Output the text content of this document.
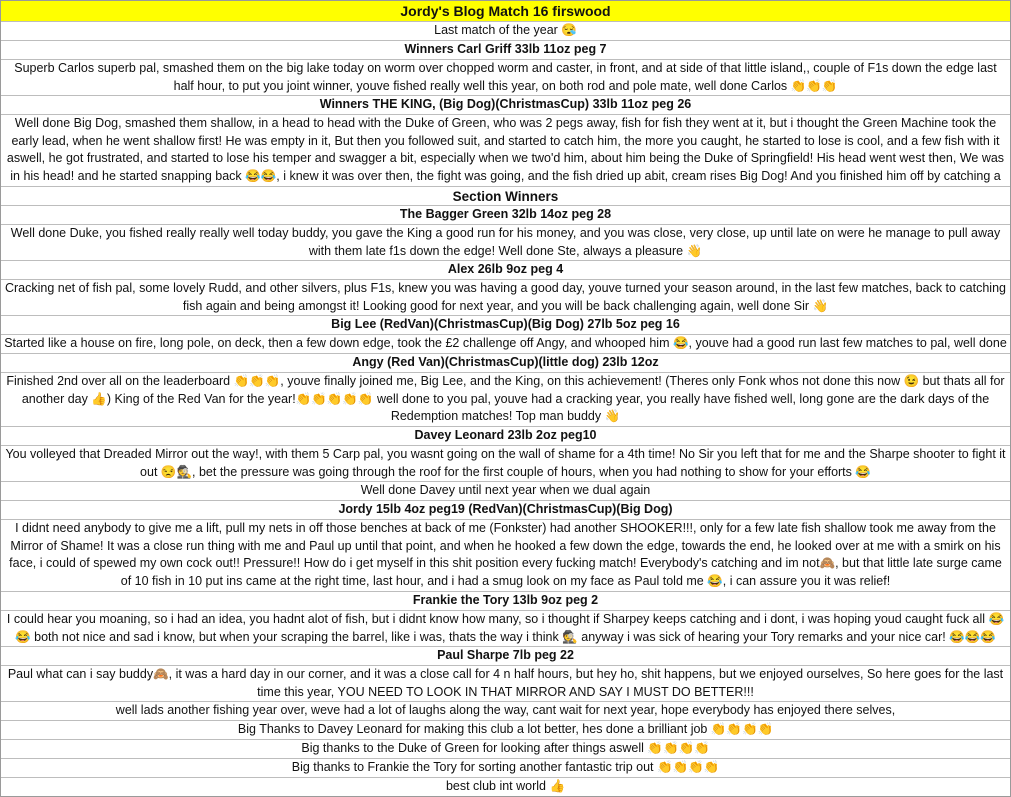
Jordy's Blog Match 16 firswood
Last match of the year 😪
Winners Carl Griff 33lb 11oz peg 7
Superb Carlos superb pal, smashed them on the big lake today on worm over chopped worm and caster, in front, and at side of that little island,, couple of F1s down the edge last half hour, to put you joint winner, youve fished really well this year, on both rod and pole mate, well done Carlos 👏👏👏
Winners THE KING, (Big Dog)(ChristmasCup) 33lb 11oz peg 26
Well done Big Dog, smashed them shallow, in a head to head with the Duke of Green, who was 2 pegs away, fish for fish they went at it, but i thought the Green Machine took the early lead, when he went shallow first! He was empty in it, But then you followed suit, and started to catch him, the more you caught, he started to lose is cool, and a few fish with it aswell, he got frustrated, and started to lose his temper and swagger a bit, especially when we two'd him, about him being the Duke of Springfield! His head went west then, We was in his head! and he started snapping back 😂😂, i knew it was over then, the fight was going, and the fish dried up abit, cream rises Big Dog! And you finished him off by catching a
Section Winners
The Bagger Green 32lb 14oz peg 28
Well done Duke, you fished really really well today buddy, you gave the King a good run for his money, and you was close, very close, up until late on were he manage to pull away with them late f1s down the edge! Well done Ste, always a pleasure 👋
Alex 26lb 9oz peg 4
Cracking net of fish pal, some lovely Rudd, and other silvers, plus F1s, knew you was having a good day, youve turned your season around, in the last few matches, back to catching fish again and being amongst it! Looking good for next year, and you will be back challenging again, well done Sir 👋
Big Lee (RedVan)(ChristmasCup)(Big Dog) 27lb 5oz peg 16
Started like a house on fire, long pole, on deck, then a few down edge, took the £2 challenge off Angy, and whooped him 😂, youve had a good run last few matches to pal, well done
Angy (Red Van)(ChristmasCup)(little dog) 23lb 12oz
Finished 2nd over all on the leaderboard 👏👏👏, youve finally joined me, Big Lee, and the King, on this achievement! (Theres only Fonk whos not done this now 😉 but thats all for another day 👍) King of the Red Van for the year!👏👏👏👏👏 well done to you pal, youve had a cracking year, you really have fished well, long gone are the dark days of the Redemption matches! Top man buddy 👋
Davey Leonard 23lb 2oz peg10
You volleyed that Dreaded Mirror out the way!, with them 5 Carp pal, you wasnt going on the wall of shame for a 4th time! No Sir you left that for me and the Sharpe shooter to fight it out 😒🕵, bet the pressure was going through the roof for the first couple of hours, when you had nothing to show for your efforts 😂
Well done Davey until next year when we dual again
Jordy 15lb 4oz peg19 (RedVan)(ChristmasCup)(Big Dog)
I didnt need anybody to give me a lift, pull my nets in off those benches at back of me (Fonkster) had another SHOOKER!!!, only for a few late fish shallow took me away from the Mirror of Shame! It was a close run thing with me and Paul up until that point, and when he hooked a few down the edge, towards the end, he looked over at me with a smirk on his face, i could of spewed my own cock out!! Pressure!! How do i get myself in this shit position every fucking match! Everybody's catching and im not🙈, but that little late surge came of 10 fish in 10 put ins came at the right time, last hour, and i had a smug look on my face as Paul told me 😂, i can assure you it was relief!
Frankie the Tory 13lb 9oz peg 2
I could hear you moaning, so i had an idea, you hadnt alot of fish, but i didnt know how many, so i thought if Sharpey keeps catching and i dont, i was hoping youd caught fuck all 😂😂 both not nice and sad i know, but when your scraping the barrel, like i was, thats the way i think 🕵 anyway i was sick of hearing your Tory remarks and your nice car! 😂😂😂
Paul Sharpe 7lb peg 22
Paul what can i say buddy🙈, it was a hard day in our corner, and it was a close call for 4 n half hours, but hey ho, shit happens, but we enjoyed ourselves, So here goes for the last time this year, YOU NEED TO LOOK IN THAT MIRROR AND SAY I MUST DO BETTER!!!
well lads another fishing year over, weve had a lot of laughs along the way, cant wait for next year, hope everybody has enjoyed there selves,
Big Thanks to Davey Leonard for making this club a lot better, hes done a brilliant job 👏👏👏👏
Big thanks to the Duke of Green for looking after things aswell 👏👏👏👏
Big thanks to Frankie the Tory for sorting another fantastic trip out 👏👏👏👏
best club int world 👍
